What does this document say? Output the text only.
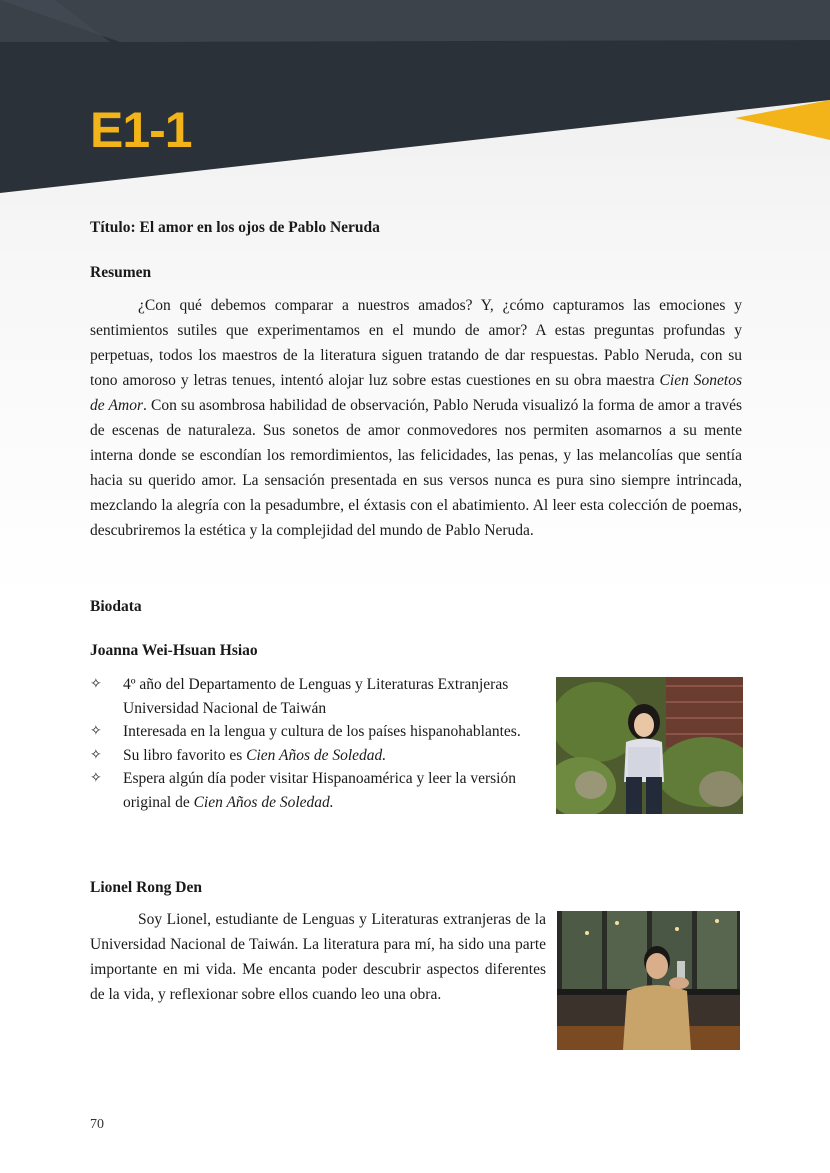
E1-1

Título: El amor en los ojos de Pablo Neruda

Resumen

¿Con qué debemos comparar a nuestros amados? Y, ¿cómo capturamos las emociones y sentimientos sutiles que experimentamos en el mundo de amor? A estas preguntas profundas y perpetuas, todos los maestros de la literatura siguen tratando de dar respuestas. Pablo Neruda, con su tono amoroso y letras tenues, intentó alojar luz sobre estas cuestiones en su obra maestra Cien Sonetos de Amor. Con su asombrosa habilidad de observación, Pablo Neruda visualizó la forma de amor a través de escenas de naturaleza. Sus sonetos de amor conmovedores nos permiten asomarnos a su mente interna donde se escondían los remordimientos, las felicidades, las penas, y las melancolías que sentía hacia su querido amor. La sensación presentada en sus versos nunca es pura sino siempre intrincada, mezclando la alegría con la pesadumbre, el éxtasis con el abatimiento. Al leer esta colección de poemas, descubriremos la estética y la complejidad del mundo de Pablo Neruda.

Biodata

Joanna Wei-Hsuan Hsiao

✧ 4º año del Departamento de Lenguas y Literaturas Extranjeras Universidad Nacional de Taiwán
✧ Interesada en la lengua y cultura de los países hispanohablantes.
✧ Su libro favorito es Cien Años de Soledad.
✧ Espera algún día poder visitar Hispanoamérica y leer la versión original de Cien Años de Soledad.

Lionel Rong Den

Soy Lionel, estudiante de Lenguas y Literaturas extranjeras de la Universidad Nacional de Taiwán. La literatura para mí, ha sido una parte importante en mi vida. Me encanta poder descubrir aspectos diferentes de la vida, y reflexionar sobre ellos cuando leo una obra.

70
